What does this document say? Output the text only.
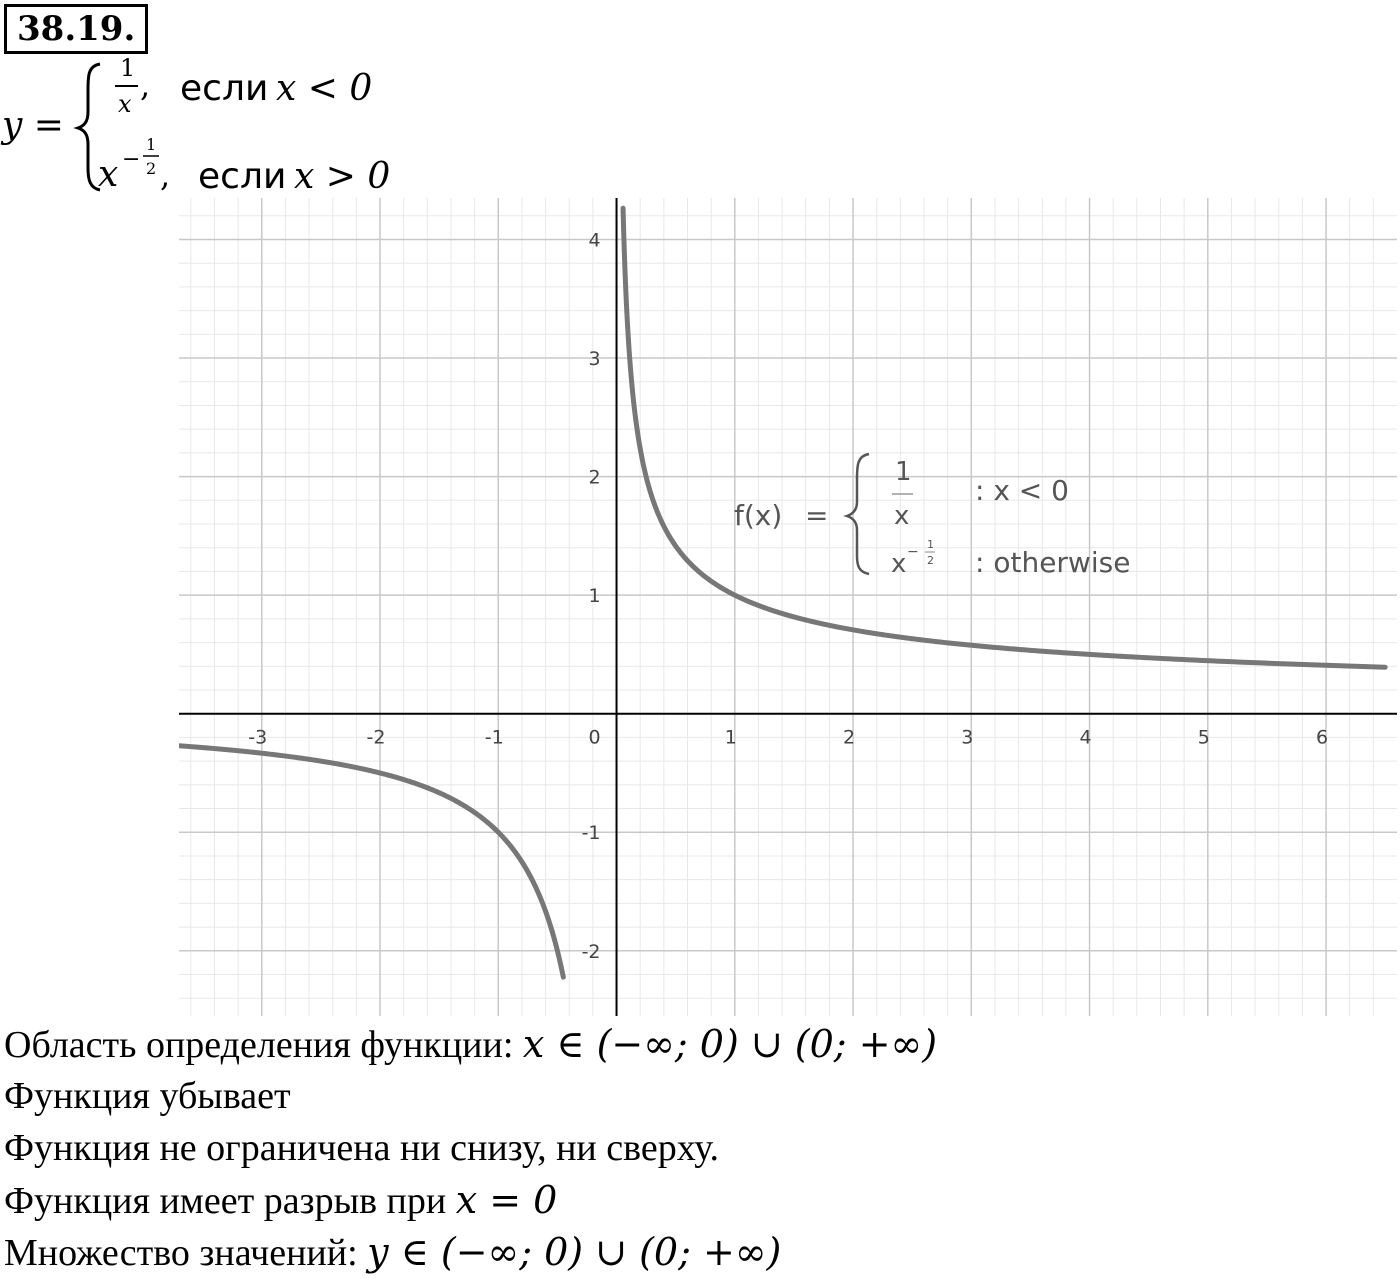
38.19.
y =
1
x , если x < 0
x −
1
2 , если x > 0
-3	-2	-1	0	1	2	3	4	5	6
-2
-1
1
2
3
4
f(x) =
1
x
: x < 0
x − 1
2 : otherwise
Область определения функции: x ∈ (−∞; 0) ∪ (0; +∞)
Функция убывает
Функция не ограничена ни снизу, ни сверху.
Функция имеет разрыв при x = 0
Множество значений: y ∈ (−∞; 0) ∪ (0; +∞)
